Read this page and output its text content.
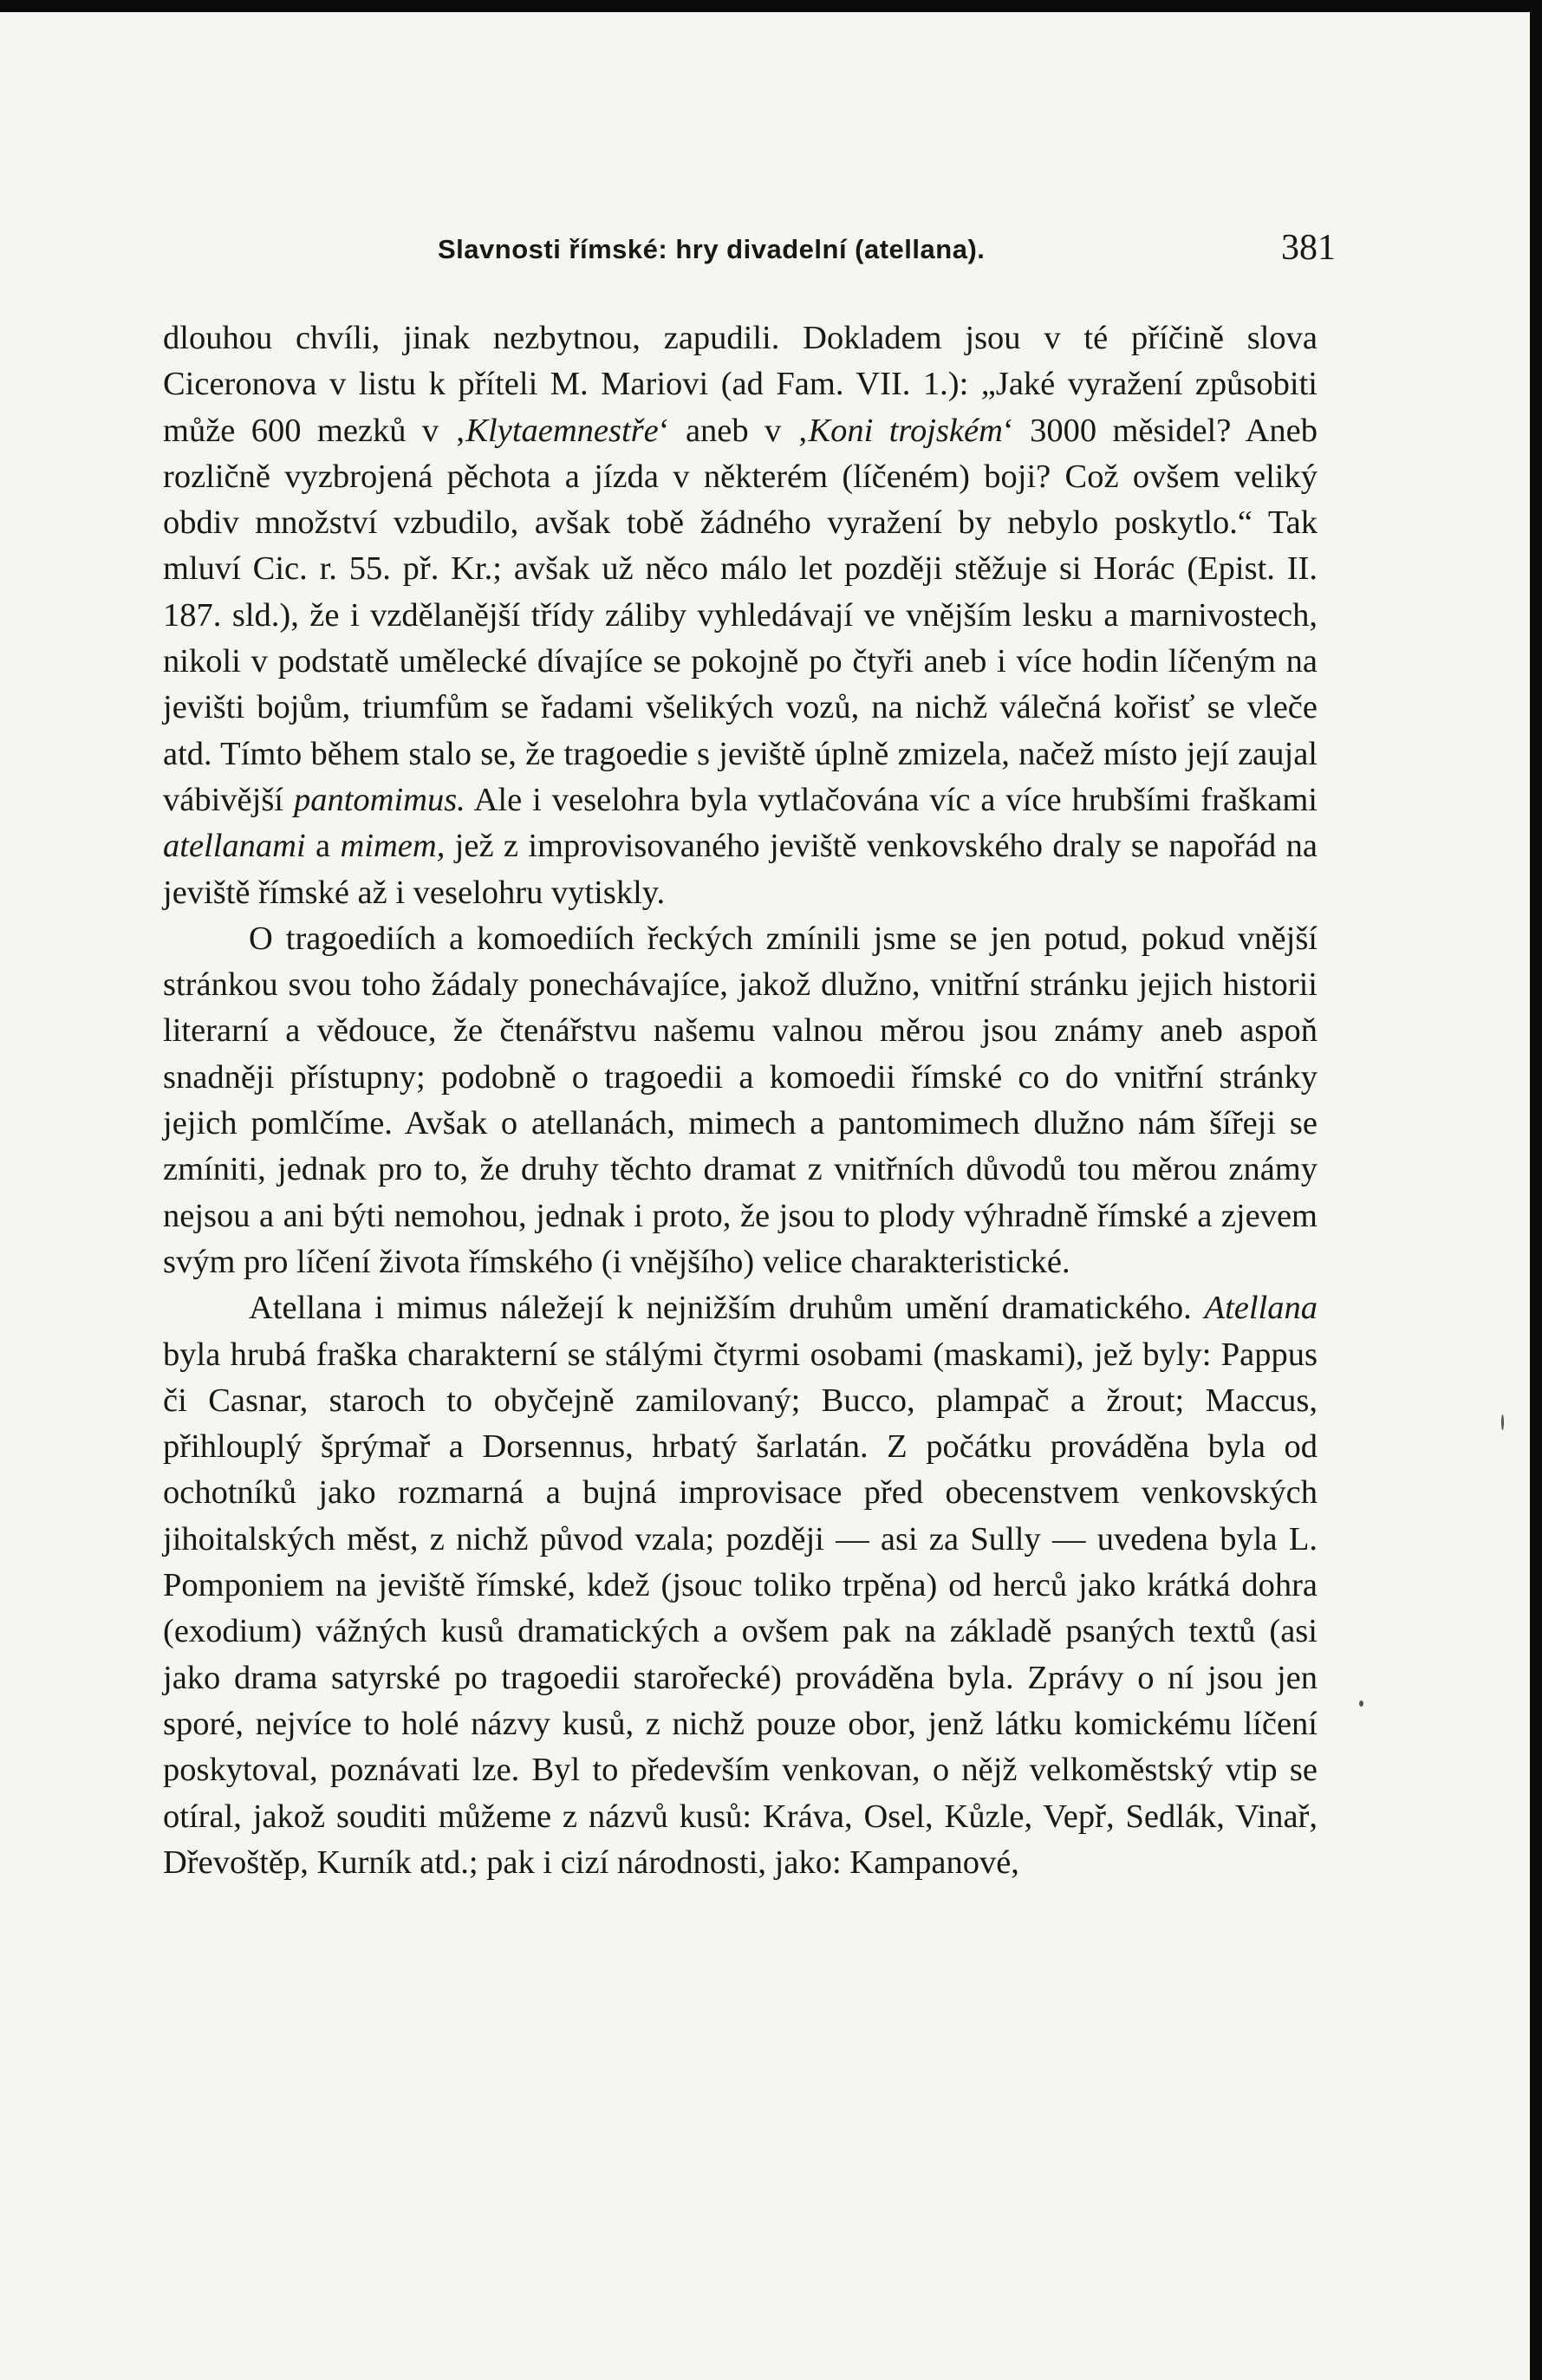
Slavnosti římské: hry divadelní (atellana).	381

dlouhou chvíli, jinak nezbytnou, zapudili. Dokladem jsou v té příčině slova Ciceronova v listu k příteli M. Mariovi (ad Fam. VII. 1.): „Jaké vyražení způsobiti může 600 mezků v ‚Klytaemnestře‘ aneb v ‚Koni trojském‘ 3000 měsidel? Aneb rozličně vyzbrojená pěchota a jízda v některém (líčeném) boji? Což ovšem veliký obdiv množství vzbudilo, avšak tobě žádného vyražení by nebylo poskytlo.“ Tak mluví Cic. r. 55. př. Kr.; avšak už něco málo let později stěžuje si Horác (Epist. II. 187. sld.), že i vzdělanější třídy záliby vyhledávají ve vnějším lesku a marnivostech, nikoli v podstatě umělecké dívajíce se pokojně po čtyři aneb i více hodin líčeným na jevišti bojům, triumfům se řadami všelikých vozů, na nichž válečná kořisť se vleče atd. Tímto během stalo se, že tragoedie s jeviště úplně zmizela, načež místo její zaujal vábivější pantomimus. Ale i veselohra byla vytlačována víc a více hrubšími fraškami atellanami a mimem, jež z improvisovaného jeviště venkovského draly se napořád na jeviště římské až i veselohru vytiskly.

O tragoediích a komoediích řeckých zmínili jsme se jen potud, pokud vnější stránkou svou toho žádaly ponechávajíce, jakož dlužno, vnitřní stránku jejich historii literarní a vědouce, že čtenářstvu našemu valnou měrou jsou známy aneb aspoň snadněji přístupny; podobně o tragoedii a komoedii římské co do vnitřní stránky jejich pomlčíme. Avšak o atellanách, mimech a pantomimech dlužno nám šířeji se zmíniti, jednak pro to, že druhy těchto dramat z vnitřních důvodů tou měrou známy nejsou a ani býti nemohou, jednak i proto, že jsou to plody výhradně římské a zjevem svým pro líčení života římského (i vnějšího) velice charakteristické.

Atellana i mimus náležejí k nejnižším druhům umění dramatického. Atellana byla hrubá fraška charakterní se stálými čtyrmi osobami (maskami), jež byly: Pappus či Casnar, staroch to obyčejně zamilovaný; Bucco, plampač a žrout; Maccus, přihlouplý šprýmař a Dorsennus, hrbatý šarlatán. Z počátku prováděna byla od ochotníků jako rozmarná a bujná improvisace před obecenstvem venkovských jihoitalských měst, z nichž původ vzala; později — asi za Sully — uvedena byla L. Pomponiem na jeviště římské, kdež (jsouc toliko trpěna) od herců jako krátká dohra (exodium) vážných kusů dramatických a ovšem pak na základě psaných textů (asi jako drama satyrské po tragoedii starořecké) prováděna byla. Zprávy o ní jsou jen sporé, nejvíce to holé názvy kusů, z nichž pouze obor, jenž látku komickému líčení poskytoval, poznávati lze. Byl to především venkovan, o nějž velkoměstský vtip se otíral, jakož souditi můžeme z názvů kusů: Kráva, Osel, Kůzle, Vepř, Sedlák, Vinař, Dřevoštěp, Kurník atd.; pak i cizí národnosti, jako: Kampanové,
